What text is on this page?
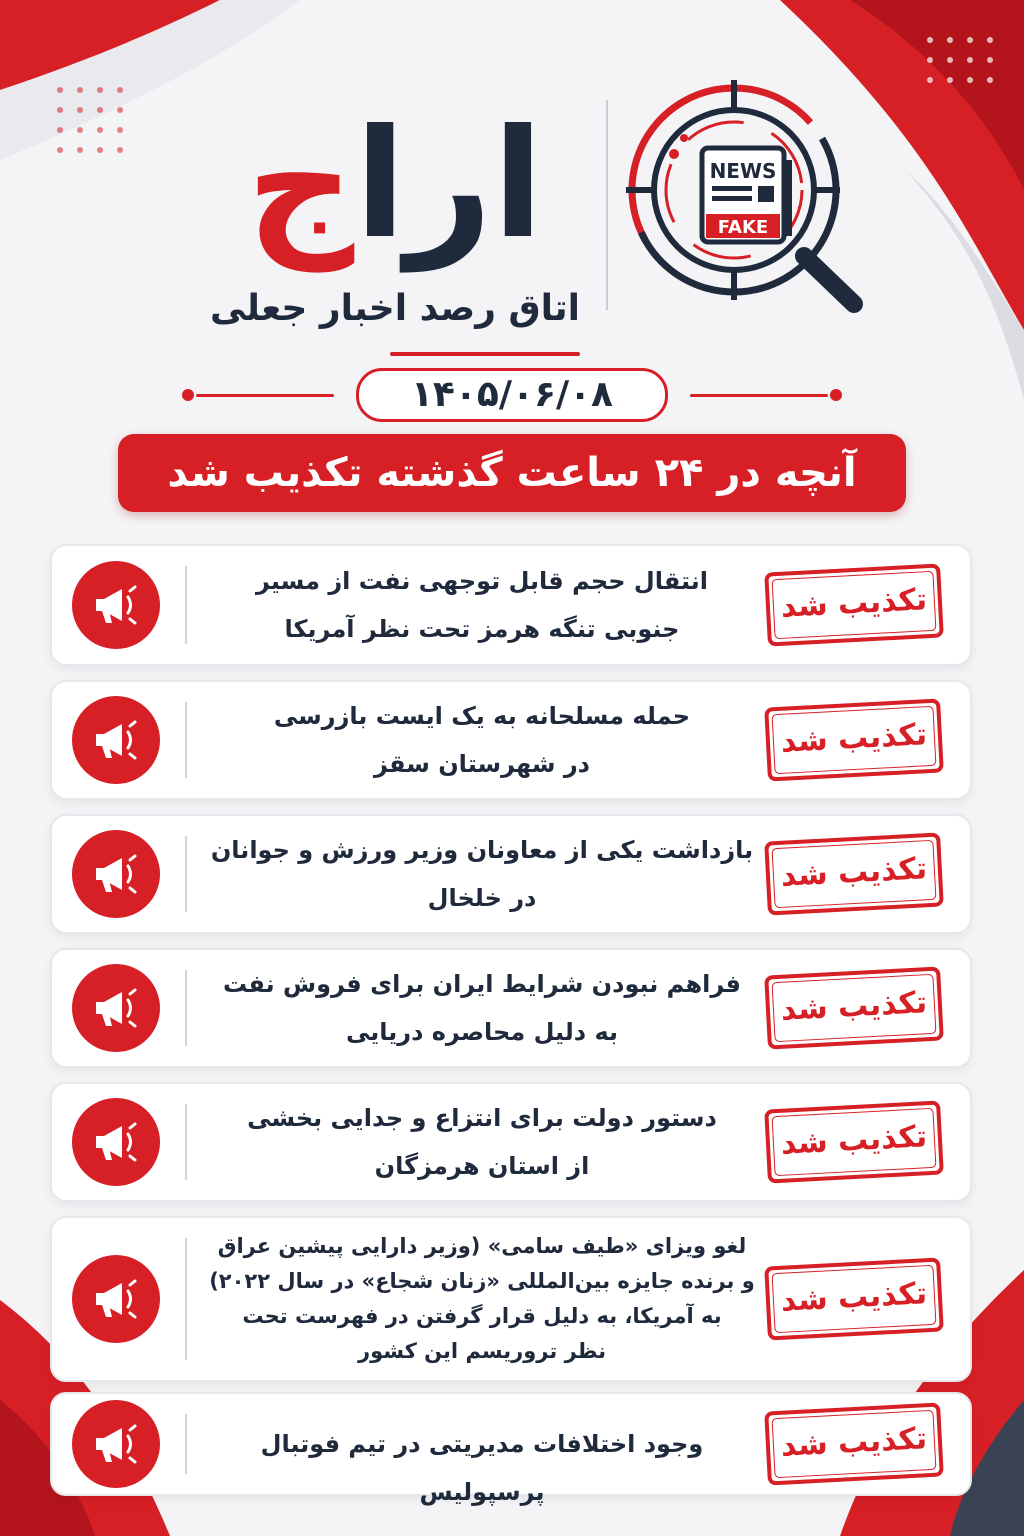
اراج
اتاق رصد اخبار جعلی
NEWS
FAKE
۱۴۰۵/۰۶/۰۸
آنچه در ۲۴ ساعت گذشته تکذیب شد
انتقال حجم قابل توجهی نفت از مسیر
جنوبی تنگه هرمز تحت نظر آمریکا
تکذیب شد
حمله مسلحانه به یک ایست بازرسی
در شهرستان سقز
تکذیب شد
بازداشت یکی از معاونان وزیر ورزش و جوانان
در خلخال
تکذیب شد
فراهم نبودن شرایط ایران برای فروش نفت
به دلیل محاصره دریایی
تکذیب شد
دستور دولت برای انتزاع و جدایی بخشی
از استان هرمزگان
تکذیب شد
لغو ویزای «طیف سامی» (وزیر دارایی پیشین عراق
و برنده جایزه بین‌المللی «زنان شجاع» در سال ۲۰۲۲)
به آمریکا، به دلیل قرار گرفتن در فهرست تحت
نظر تروریسم این کشور
تکذیب شد
وجود اختلافات مدیریتی در تیم فوتبال پرسپولیس
تکذیب شد
